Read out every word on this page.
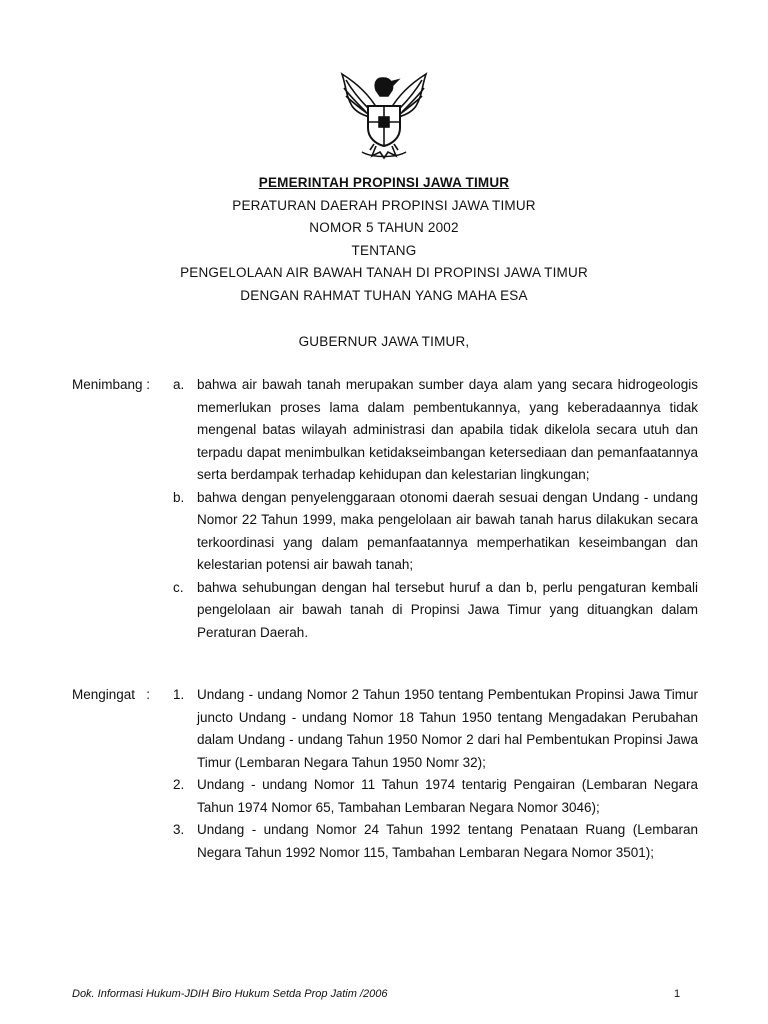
PEMERINTAH PROPINSI JAWA TIMUR
PERATURAN DAERAH PROPINSI JAWA TIMUR
NOMOR 5 TAHUN 2002
TENTANG
PENGELOLAAN AIR BAWAH TANAH DI PROPINSI JAWA TIMUR
DENGAN RAHMAT TUHAN YANG MAHA ESA
GUBERNUR JAWA TIMUR,
Menimbang : a. bahwa air bawah tanah merupakan sumber daya alam yang secara hidrogeologis memerlukan proses lama dalam pembentukannya, yang keberadaannya tidak mengenal batas wilayah administrasi dan apabila tidak dikelola secara utuh dan terpadu dapat menimbulkan ketidakseimbangan ketersediaan dan pemanfaatannya serta berdampak terhadap kehidupan dan kelestarian lingkungan;
b. bahwa dengan penyelenggaraan otonomi daerah sesuai dengan Undang - undang Nomor 22 Tahun 1999, maka pengelolaan air bawah tanah harus dilakukan secara terkoordinasi yang dalam pemanfaatannya memperhatikan keseimbangan dan kelestarian potensi air bawah tanah;
c. bahwa sehubungan dengan hal tersebut huruf a dan b, perlu pengaturan kembali pengelolaan air bawah tanah di Propinsi Jawa Timur yang dituangkan dalam Peraturan Daerah.
Mengingat   : 1. Undang - undang Nomor 2 Tahun 1950 tentang Pembentukan Propinsi Jawa Timur juncto Undang - undang Nomor 18 Tahun 1950 tentang Mengadakan Perubahan dalam Undang - undang Tahun 1950 Nomor 2 dari hal Pembentukan Propinsi Jawa Timur (Lembaran Negara Tahun 1950 Nomr 32);
2. Undang - undang Nomor 11 Tahun 1974 tentarig Pengairan (Lembaran Negara Tahun 1974 Nomor 65, Tambahan Lembaran Negara Nomor 3046);
3. Undang - undang Nomor 24 Tahun 1992 tentang Penataan Ruang (Lembaran Negara Tahun 1992 Nomor 115, Tambahan Lembaran Negara Nomor 3501);
Dok. Informasi Hukum-JDIH Biro Hukum Setda Prop Jatim /2006	1
